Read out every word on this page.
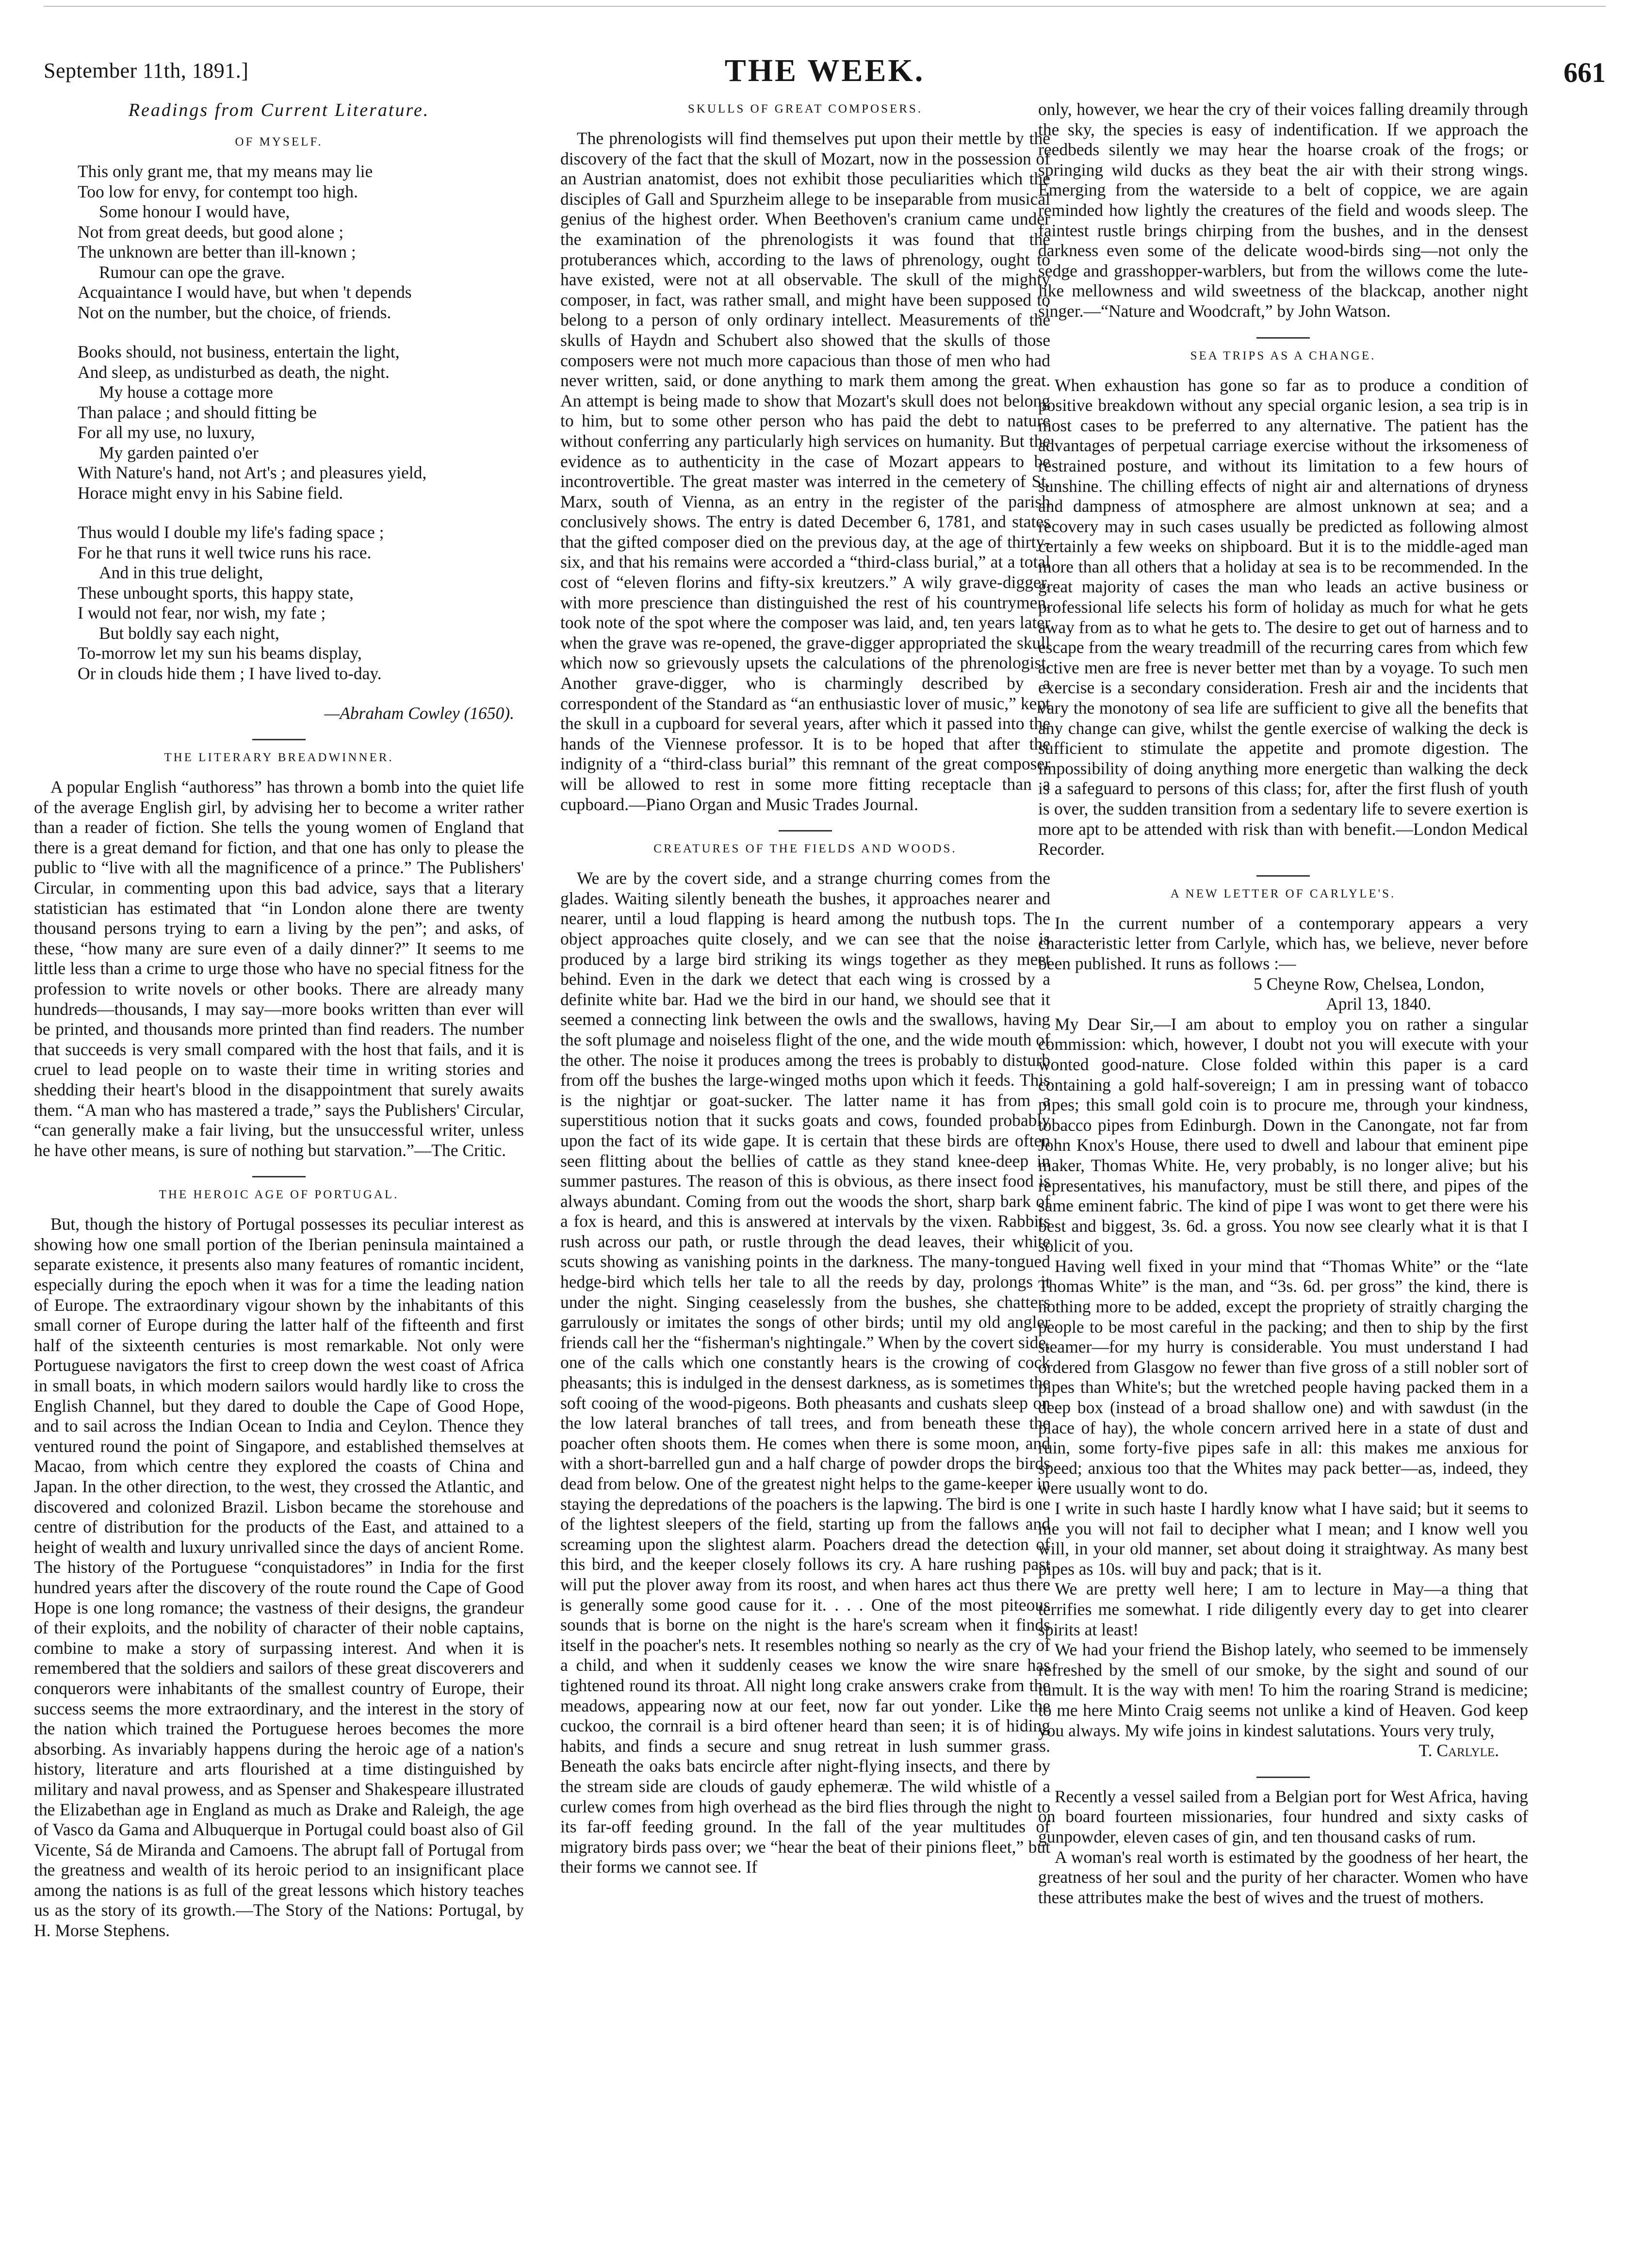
September 11th, 1891.]	THE WEEK.	661
Readings from Current Literature.
OF MYSELF.
This only grant me, that my means may lie
Too low for envy, for contempt too high.
Some honour I would have,
Not from great deeds, but good alone ;
The unknown are better than ill-known ;
Rumour can ope the grave.
Acquaintance I would have, but when 't depends
Not on the number, but the choice, of friends.
Books should, not business, entertain the light,
And sleep, as undisturbed as death, the night.
My house a cottage more
Than palace ; and should fitting be
For all my use, no luxury,
My garden painted o'er
With Nature's hand, not Art's ; and pleasures yield,
Horace might envy in his Sabine field.
Thus would I double my life's fading space ;
For he that runs it well twice runs his race.
And in this true delight,
These unbought sports, this happy state,
I would not fear, nor wish, my fate ;
But boldly say each night,
To-morrow let my sun his beams display,
Or in clouds hide them ; I have lived to-day.
—Abraham Cowley (1650).
THE LITERARY BREADWINNER.

A popular English “authoress” has thrown a bomb into the quiet life of the average English girl, by advising her to become a writer rather than a reader of fiction. She tells the young women of England that there is a great demand for fiction, and that one has only to please the public to “live with all the magnificence of a prince.” The Publishers' Circular, in commenting upon this bad advice, says that a literary statistician has estimated that “in London alone there are twenty thousand persons trying to earn a living by the pen”; and asks, of these, “how many are sure even of a daily dinner?” It seems to me little less than a crime to urge those who have no special fitness for the profession to write novels or other books. There are already many hundreds—thousands, I may say—more books written than ever will be printed, and thousands more printed than find readers. The number that succeeds is very small compared with the host that fails, and it is cruel to lead people on to waste their time in writing stories and shedding their heart's blood in the disappointment that surely awaits them. “A man who has mastered a trade,” says the Publishers' Circular, “can generally make a fair living, but the unsuccessful writer, unless he have other means, is sure of nothing but starvation.”—The Critic.

THE HEROIC AGE OF PORTUGAL.

But, though the history of Portugal possesses its peculiar interest as showing how one small portion of the Iberian peninsula maintained a separate existence, it presents also many features of romantic incident, especially during the epoch when it was for a time the leading nation of Europe. The extraordinary vigour shown by the inhabitants of this small corner of Europe during the latter half of the fifteenth and first half of the sixteenth centuries is most remarkable. Not only were Portuguese navigators the first to creep down the west coast of Africa in small boats, in which modern sailors would hardly like to cross the English Channel, but they dared to double the Cape of Good Hope, and to sail across the Indian Ocean to India and Ceylon. Thence they ventured round the point of Singapore, and established themselves at Macao, from which centre they explored the coasts of China and Japan. In the other direction, to the west, they crossed the Atlantic, and discovered and colonized Brazil. Lisbon became the storehouse and centre of distribution for the products of the East, and attained to a height of wealth and luxury unrivalled since the days of ancient Rome. The history of the Portuguese “conquistadores” in India for the first hundred years after the discovery of the route round the Cape of Good Hope is one long romance; the vastness of their designs, the grandeur of their exploits, and the nobility of character of their noble captains, combine to make a story of surpassing interest. And when it is remembered that the soldiers and sailors of these great discoverers and conquerors were inhabitants of the smallest country of Europe, their success seems the more extraordinary, and the interest in the story of the nation which trained the Portuguese heroes becomes the more absorbing. As invariably happens during the heroic age of a nation's history, literature and arts flourished at a time distinguished by military and naval prowess, and as Spenser and Shakespeare illustrated the Elizabethan age in England as much as Drake and Raleigh, the age of Vasco da Gama and Albuquerque in Portugal could boast also of Gil Vicente, Sá de Miranda and Camoens. The abrupt fall of Portugal from the greatness and wealth of its heroic period to an insignificant place among the nations is as full of the great lessons which history teaches us as the story of its growth.—The Story of the Nations: Portugal, by H. Morse Stephens.

SKULLS OF GREAT COMPOSERS.

The phrenologists will find themselves put upon their mettle by the discovery of the fact that the skull of Mozart, now in the possession of an Austrian anatomist, does not exhibit those peculiarities which the disciples of Gall and Spurzheim allege to be inseparable from musical genius of the highest order. When Beethoven's cranium came under the examination of the phrenologists it was found that the protuberances which, according to the laws of phrenology, ought to have existed, were not at all observable. The skull of the mighty composer, in fact, was rather small, and might have been supposed to belong to a person of only ordinary intellect. Measurements of the skulls of Haydn and Schubert also showed that the skulls of those composers were not much more capacious than those of men who had never written, said, or done anything to mark them among the great. An attempt is being made to show that Mozart's skull does not belong to him, but to some other person who has paid the debt to nature without conferring any particularly high services on humanity. But the evidence as to authenticity in the case of Mozart appears to be incontrovertible. The great master was interred in the cemetery of St. Marx, south of Vienna, as an entry in the register of the parish conclusively shows. The entry is dated December 6, 1781, and states that the gifted composer died on the previous day, at the age of thirty-six, and that his remains were accorded a “third-class burial,” at a total cost of “eleven florins and fifty-six kreutzers.” A wily grave-digger, with more prescience than distinguished the rest of his countrymen, took note of the spot where the composer was laid, and, ten years later when the grave was re-opened, the grave-digger appropriated the skull which now so grievously upsets the calculations of the phrenologist. Another grave-digger, who is charmingly described by a correspondent of the Standard as “an enthusiastic lover of music,” kept the skull in a cupboard for several years, after which it passed into the hands of the Viennese professor. It is to be hoped that after the indignity of a “third-class burial” this remnant of the great composer will be allowed to rest in some more fitting receptacle than a cupboard.—Piano Organ and Music Trades Journal.

CREATURES OF THE FIELDS AND WOODS.

We are by the covert side, and a strange churring comes from the glades. Waiting silently beneath the bushes, it approaches nearer and nearer, until a loud flapping is heard among the nutbush tops. The object approaches quite closely, and we can see that the noise is produced by a large bird striking its wings together as they meet behind. Even in the dark we detect that each wing is crossed by a definite white bar. Had we the bird in our hand, we should see that it seemed a connecting link between the owls and the swallows, having the soft plumage and noiseless flight of the one, and the wide mouth of the other. The noise it produces among the trees is probably to disturb from off the bushes the large-winged moths upon which it feeds. This is the nightjar or goat-sucker. The latter name it has from a superstitious notion that it sucks goats and cows, founded probably upon the fact of its wide gape. It is certain that these birds are often seen flitting about the bellies of cattle as they stand knee-deep in summer pastures. The reason of this is obvious, as there insect food is always abundant. Coming from out the woods the short, sharp bark of a fox is heard, and this is answered at intervals by the vixen. Rabbits rush across our path, or rustle through the dead leaves, their white scuts showing as vanishing points in the darkness. The many-tongued hedge-bird which tells her tale to all the reeds by day, prolongs it under the night. Singing ceaselessly from the bushes, she chatters garrulously or imitates the songs of other birds; until my old angler friends call her the “fisherman's nightingale.” When by the covert side, one of the calls which one constantly hears is the crowing of cock pheasants; this is indulged in the densest darkness, as is sometimes the soft cooing of the wood-pigeons. Both pheasants and cushats sleep on the low lateral branches of tall trees, and from beneath these the poacher often shoots them. He comes when there is some moon, and with a short-barrelled gun and a half charge of powder drops the birds dead from below. One of the greatest night helps to the game-keeper in staying the depredations of the poachers is the lapwing. The bird is one of the lightest sleepers of the field, starting up from the fallows and screaming upon the slightest alarm. Poachers dread the detection of this bird, and the keeper closely follows its cry. A hare rushing past will put the plover away from its roost, and when hares act thus there is generally some good cause for it. . . . One of the most piteous sounds that is borne on the night is the hare's scream when it finds itself in the poacher's nets. It resembles nothing so nearly as the cry of a child, and when it suddenly ceases we know the wire snare has tightened round its throat. All night long crake answers crake from the meadows, appearing now at our feet, now far out yonder. Like the cuckoo, the cornrail is a bird oftener heard than seen; it is of hiding habits, and finds a secure and snug retreat in lush summer grass. Beneath the oaks bats encircle after night-flying insects, and there by the stream side are clouds of gaudy ephemeræ. The wild whistle of a curlew comes from high overhead as the bird flies through the night to its far-off feeding ground. In the fall of the year multitudes of migratory birds pass over; we “hear the beat of their pinions fleet,” but their forms we cannot see. If

only, however, we hear the cry of their voices falling dreamily through the sky, the species is easy of indentification. If we approach the reedbeds silently we may hear the hoarse croak of the frogs; or springing wild ducks as they beat the air with their strong wings. Emerging from the waterside to a belt of coppice, we are again reminded how lightly the creatures of the field and woods sleep. The faintest rustle brings chirping from the bushes, and in the densest darkness even some of the delicate wood-birds sing—not only the sedge and grasshopper-warblers, but from the willows come the lute-like mellowness and wild sweetness of the blackcap, another night singer.—“Nature and Woodcraft,” by John Watson.

SEA TRIPS AS A CHANGE.

When exhaustion has gone so far as to produce a condition of positive breakdown without any special organic lesion, a sea trip is in most cases to be preferred to any alternative. The patient has the advantages of perpetual carriage exercise without the irksomeness of restrained posture, and without its limitation to a few hours of sunshine. The chilling effects of night air and alternations of dryness and dampness of atmosphere are almost unknown at sea; and a recovery may in such cases usually be predicted as following almost certainly a few weeks on shipboard. But it is to the middle-aged man more than all others that a holiday at sea is to be recommended. In the great majority of cases the man who leads an active business or professional life selects his form of holiday as much for what he gets away from as to what he gets to. The desire to get out of harness and to escape from the weary treadmill of the recurring cares from which few active men are free is never better met than by a voyage. To such men exercise is a secondary consideration. Fresh air and the incidents that vary the monotony of sea life are sufficient to give all the benefits that any change can give, whilst the gentle exercise of walking the deck is sufficient to stimulate the appetite and promote digestion. The impossibility of doing anything more energetic than walking the deck is a safeguard to persons of this class; for, after the first flush of youth is over, the sudden transition from a sedentary life to severe exertion is more apt to be attended with risk than with benefit.—London Medical Recorder.

A NEW LETTER OF CARLYLE'S.

In the current number of a contemporary appears a very characteristic letter from Carlyle, which has, we believe, never before been published. It runs as follows :—

5 Cheyne Row, Chelsea, London,
April 13, 1840.

My Dear Sir,—I am about to employ you on rather a singular commission: which, however, I doubt not you will execute with your wonted good-nature. Close folded within this paper is a card containing a gold half-sovereign; I am in pressing want of tobacco pipes; this small gold coin is to procure me, through your kindness, tobacco pipes from Edinburgh. Down in the Canongate, not far from John Knox's House, there used to dwell and labour that eminent pipe maker, Thomas White. He, very probably, is no longer alive; but his representatives, his manufactory, must be still there, and pipes of the same eminent fabric. The kind of pipe I was wont to get there were his best and biggest, 3s. 6d. a gross. You now see clearly what it is that I solicit of you.

Having well fixed in your mind that “Thomas White” or the “late Thomas White” is the man, and “3s. 6d. per gross” the kind, there is nothing more to be added, except the propriety of straitly charging the people to be most careful in the packing; and then to ship by the first steamer—for my hurry is considerable. You must understand I had ordered from Glasgow no fewer than five gross of a still nobler sort of pipes than White's; but the wretched people having packed them in a deep box (instead of a broad shallow one) and with sawdust (in the place of hay), the whole concern arrived here in a state of dust and ruin, some forty-five pipes safe in all: this makes me anxious for speed; anxious too that the Whites may pack better—as, indeed, they were usually wont to do.

I write in such haste I hardly know what I have said; but it seems to me you will not fail to decipher what I mean; and I know well you will, in your old manner, set about doing it straightway. As many best pipes as 10s. will buy and pack; that is it.

We are pretty well here; I am to lecture in May—a thing that terrifies me somewhat. I ride diligently every day to get into clearer spirits at least!

We had your friend the Bishop lately, who seemed to be immensely refreshed by the smell of our smoke, by the sight and sound of our tumult. It is the way with men! To him the roaring Strand is medicine; to me here Minto Craig seems not unlike a kind of Heaven. God keep you always. My wife joins in kindest salutations. Yours very truly,

T. Carlyle.

Recently a vessel sailed from a Belgian port for West Africa, having on board fourteen missionaries, four hundred and sixty casks of gunpowder, eleven cases of gin, and ten thousand casks of rum.

A woman's real worth is estimated by the goodness of her heart, the greatness of her soul and the purity of her character. Women who have these attributes make the best of wives and the truest of mothers.
